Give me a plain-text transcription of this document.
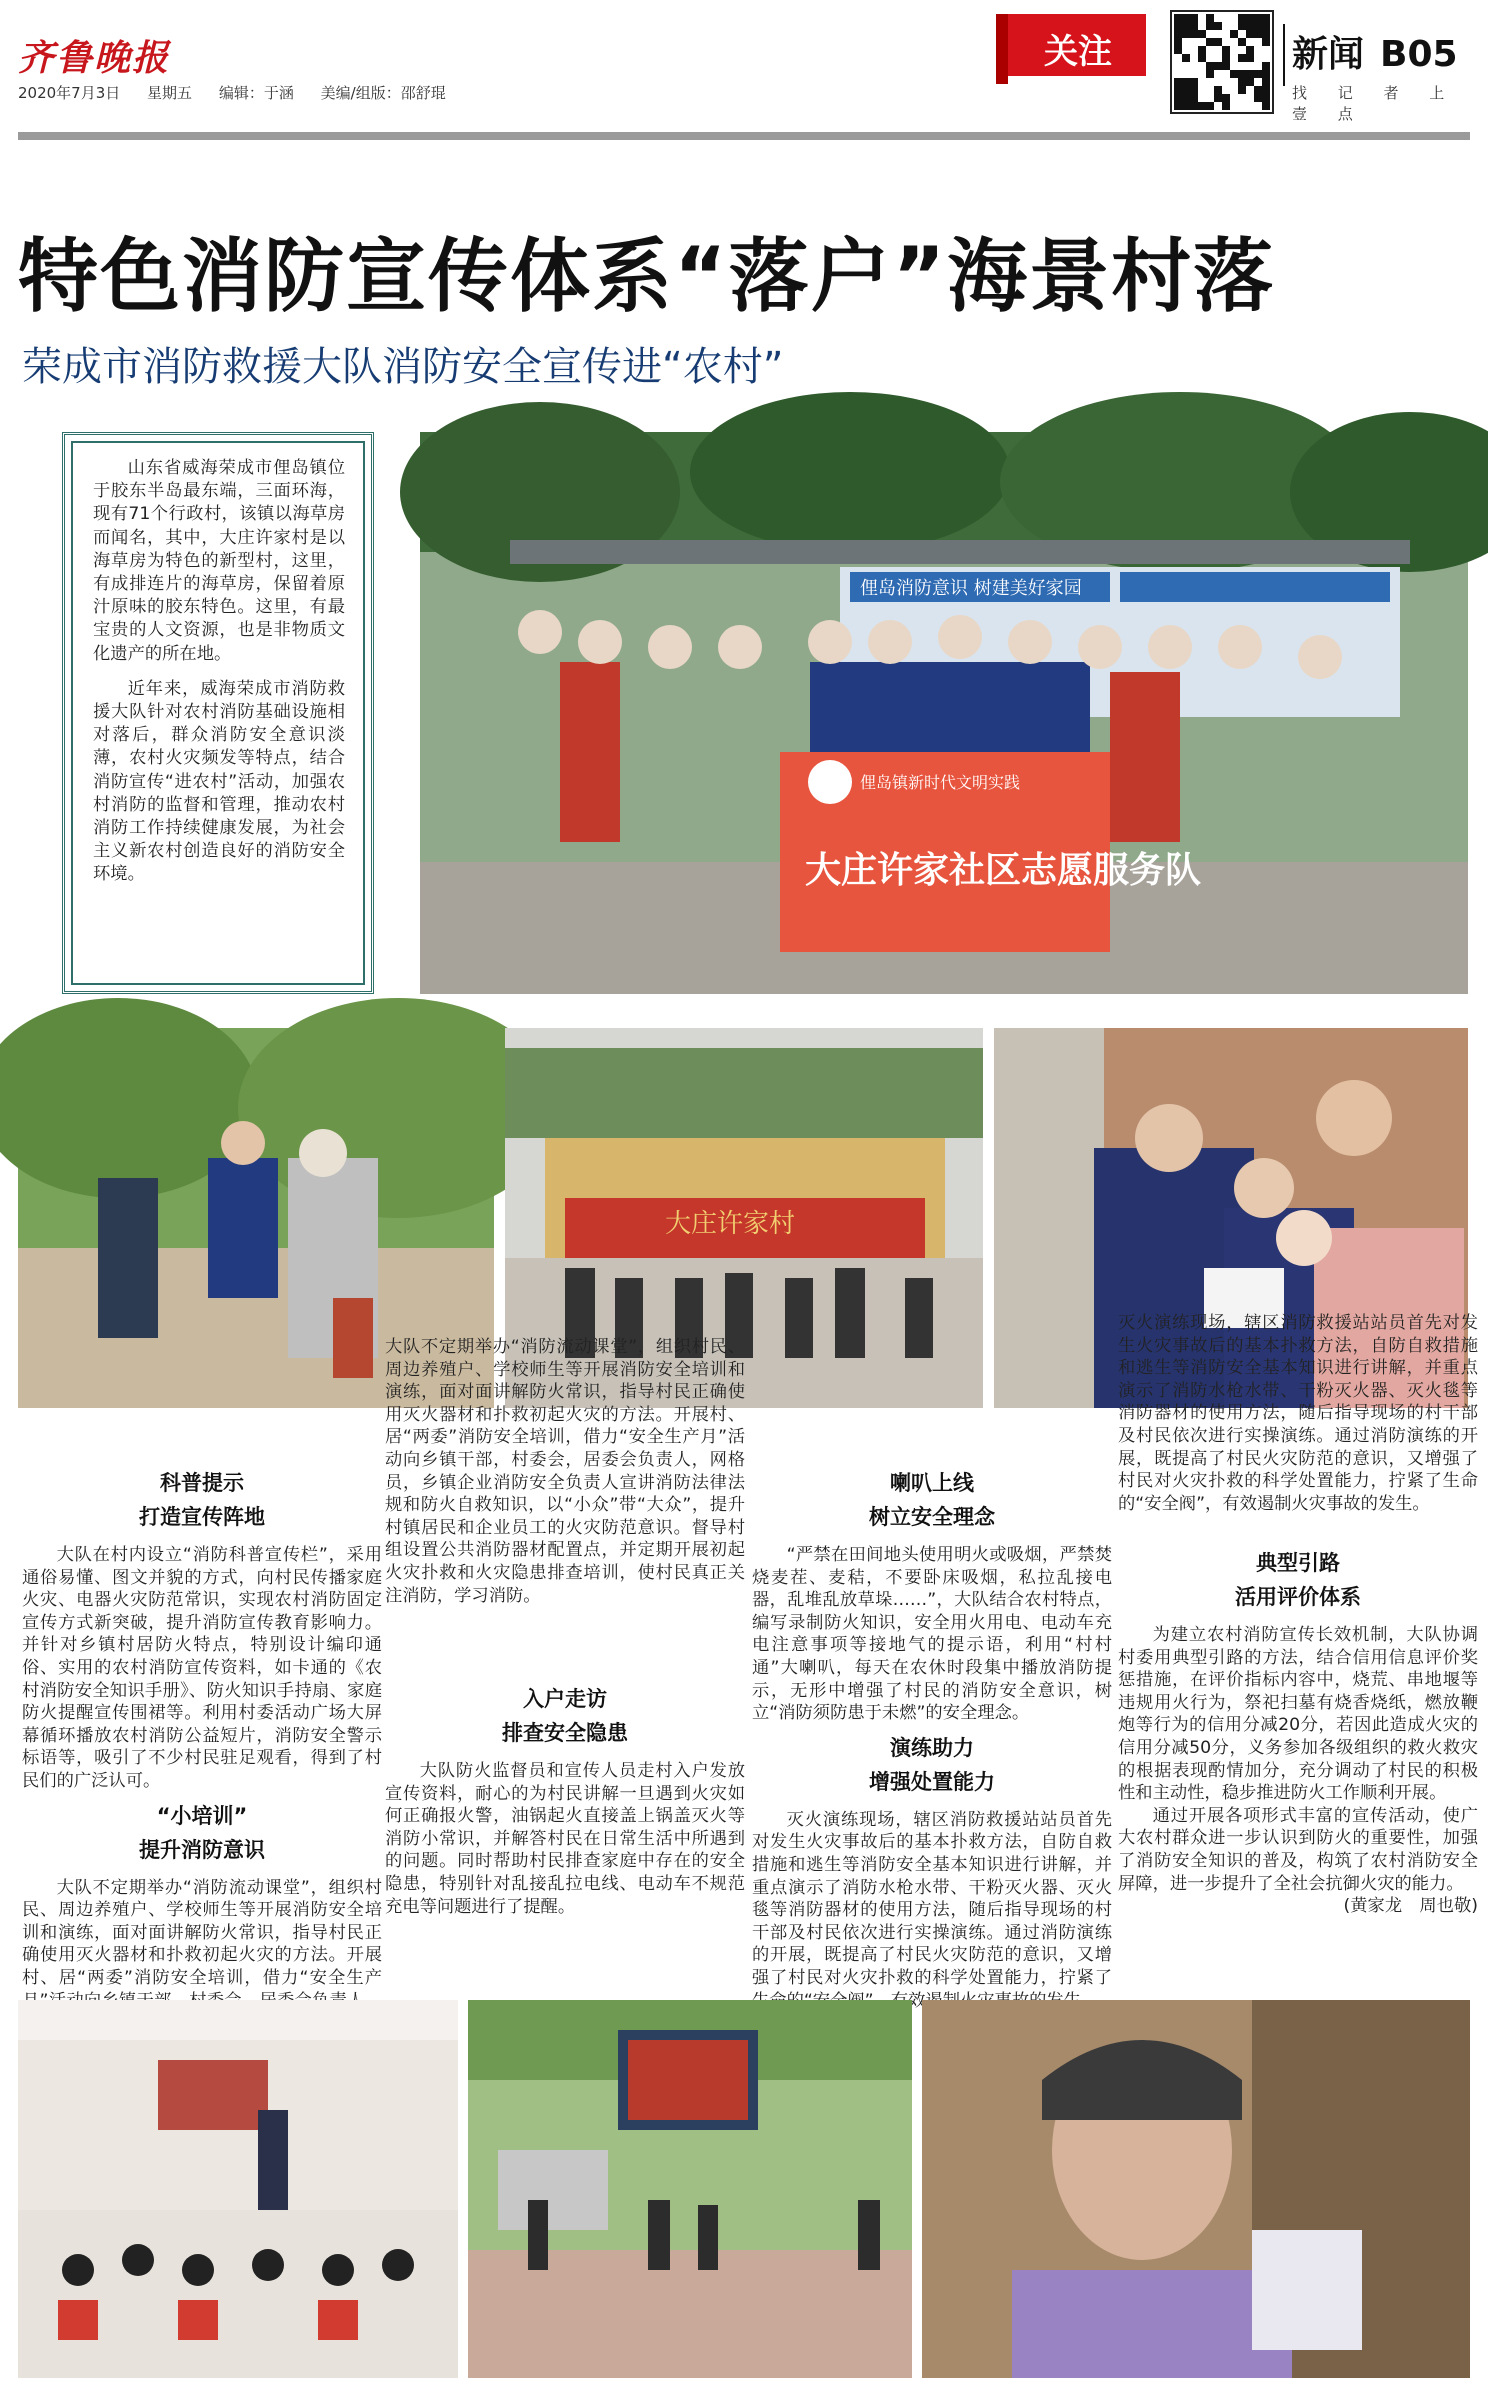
齐鲁晚报
2020年7月3日 星期五 编辑：于涵 美编/组版：邵舒琨
关注	新闻 B05
找 记 者 上 壹 点
特色消防宣传体系“落户”海景村落
荣成市消防救援大队消防安全宣传进“农村”

山东省威海荣成市俚岛镇位于胶东半岛最东端，三面环海，现有71个行政村，该镇以海草房而闻名，其中，大庄许家村是以海草房为特色的新型村，这里，有成排连片的海草房，保留着原汁原味的胶东特色。这里，有最宝贵的人文资源，也是非物质文化遗产的所在地。

近年来，威海荣成市消防救援大队针对农村消防基础设施相对落后，群众消防安全意识淡薄，农村火灾频发等特点，结合消防宣传“进农村”活动，加强农村消防的监督和管理，推动农村消防工作持续健康发展，为社会主义新农村创造良好的消防安全环境。

俚岛消防意识 树建美好家园
俚岛镇新时代文明实践
大庄许家社区志愿服务队
大庄许家村
科普提示
打造宣传阵地

大队在村内设立“消防科普宣传栏”，采用通俗易懂、图文并貌的方式，向村民传播家庭火灾、电器火灾防范常识，实现农村消防固定宣传方式新突破，提升消防宣传教育影响力。并针对乡镇村居防火特点，特别设计编印通俗、实用的农村消防宣传资料，如卡通的《农村消防安全知识手册》、防火知识手持扇、家庭防火提醒宣传围裙等。利用村委活动广场大屏幕循环播放农村消防公益短片，消防安全警示标语等，吸引了不少村民驻足观看，得到了村民们的广泛认可。

“小培训”
提升消防意识

大队不定期举办“消防流动课堂”，组织村民、周边养殖户、学校师生等开展消防安全培训和演练，面对面讲解防火常识，指导村民正确使用灭火器材和扑救初起火灾的方法。开展村、居“两委”消防安全培训，借力“安全生产

大队不定期举办“消防流动课堂”，组织村民、周边养殖户、学校师生等开展消防安全培训和演练，面对面讲解防火常识，指导村民正确使用灭火器材和扑救初起火灾的方法。开展村、居“两委”消防安全培训，借力“安全生产月”活动向乡镇干部，村委会，居委会负责人，网格员，乡镇企业消防安全负责人宣讲消防法律法规和防火自救知识，以“小众”带“大众”，提升村镇居民和企业员工的火灾防范意识。督导村组设置公共消防器材配置点，并定期开展初起火灾扑救和火灾隐患排查培训，使村民真正关注消防，学习消防。

入户走访
排查安全隐患

大队防火监督员和宣传人员走村入户发放宣传资料，耐心的为村民讲解一旦遇到火灾如何正确报火警，油锅起火直接盖上锅盖灭火等消防小常识，并解答村民在日常生活中所遇到的问题。同时帮助村民排查家庭中存在的安全隐患，特别针对乱接乱拉电线、电动车不规范充电等问题进行了提醒。

喇叭上线
树立安全理念

“严禁在田间地头使用明火或吸烟，严禁焚烧麦茬、麦秸，不要卧床吸烟，私拉乱接电器，乱堆乱放草垛……”，大队结合农村特点，编写录制防火知识，安全用火用电、电动车充电注意事项等接地气的提示语，利用“村村通”大喇叭，每天在农休时段集中播放消防提示，无形中增强了村民的消防安全意识，树立“消防须防患于未燃”的安全理念。

演练助力
增强处置能力

灭火演练现场，辖区消防救援站站员首先对发生火灾事故后的基本扑救方法，自防自救措施和逃生等消防安全基本知识进行讲解，并重点演示了消防水枪水带、干粉灭火器、灭火毯等消防器材的使用方法，随后指导现场的村干部及村民依次进行实操演练。通过消防演练的开展，既提高了村民火灾防范的意识，又增强了村民对火灾扑救的科学处置能力，拧紧了 有效遏

灭火演练现场，辖区消防救援站站员首先对发生火灾事故后的基本扑救方法，自防自救措施和逃生等消防安全基本知识进行讲解，并重点演示了消防水枪水带、干粉灭火器、灭火毯等消防器材的使用方法，随后指导现场的村干部及村民依次进行实操演练。通过消防演练的开展，既提高了村民火灾防范的意识，又增强了村民对火灾扑救的科学处置能力，拧紧了生命的“安全阀”，有效遏制火灾事故的发生。

典型引路
活用评价体系

为建立农村消防宣传长效机制，大队协调村委用典型引路的方法，结合信用信息评价奖惩措施，在评价指标内容中，烧荒、串地堰等违规用火行为，祭祀扫墓有烧香烧纸，燃放鞭炮等行为的信用分减20分，若因此造成火灾的信用分减50分，义务参加各级组织的救火救灾的根据表现酌情加分，充分调动了村民的积极性和主动性，稳步推进防火工作顺利开展。

通过开展各项形式丰富的宣传活动，使广大农村群众进一步认识到防火的重要性，加强了消防安全知识的普及，构筑了农村消防安全屏障，进一步提升了全社会抗御火灾的能力。

(黄家龙　周也敬)
